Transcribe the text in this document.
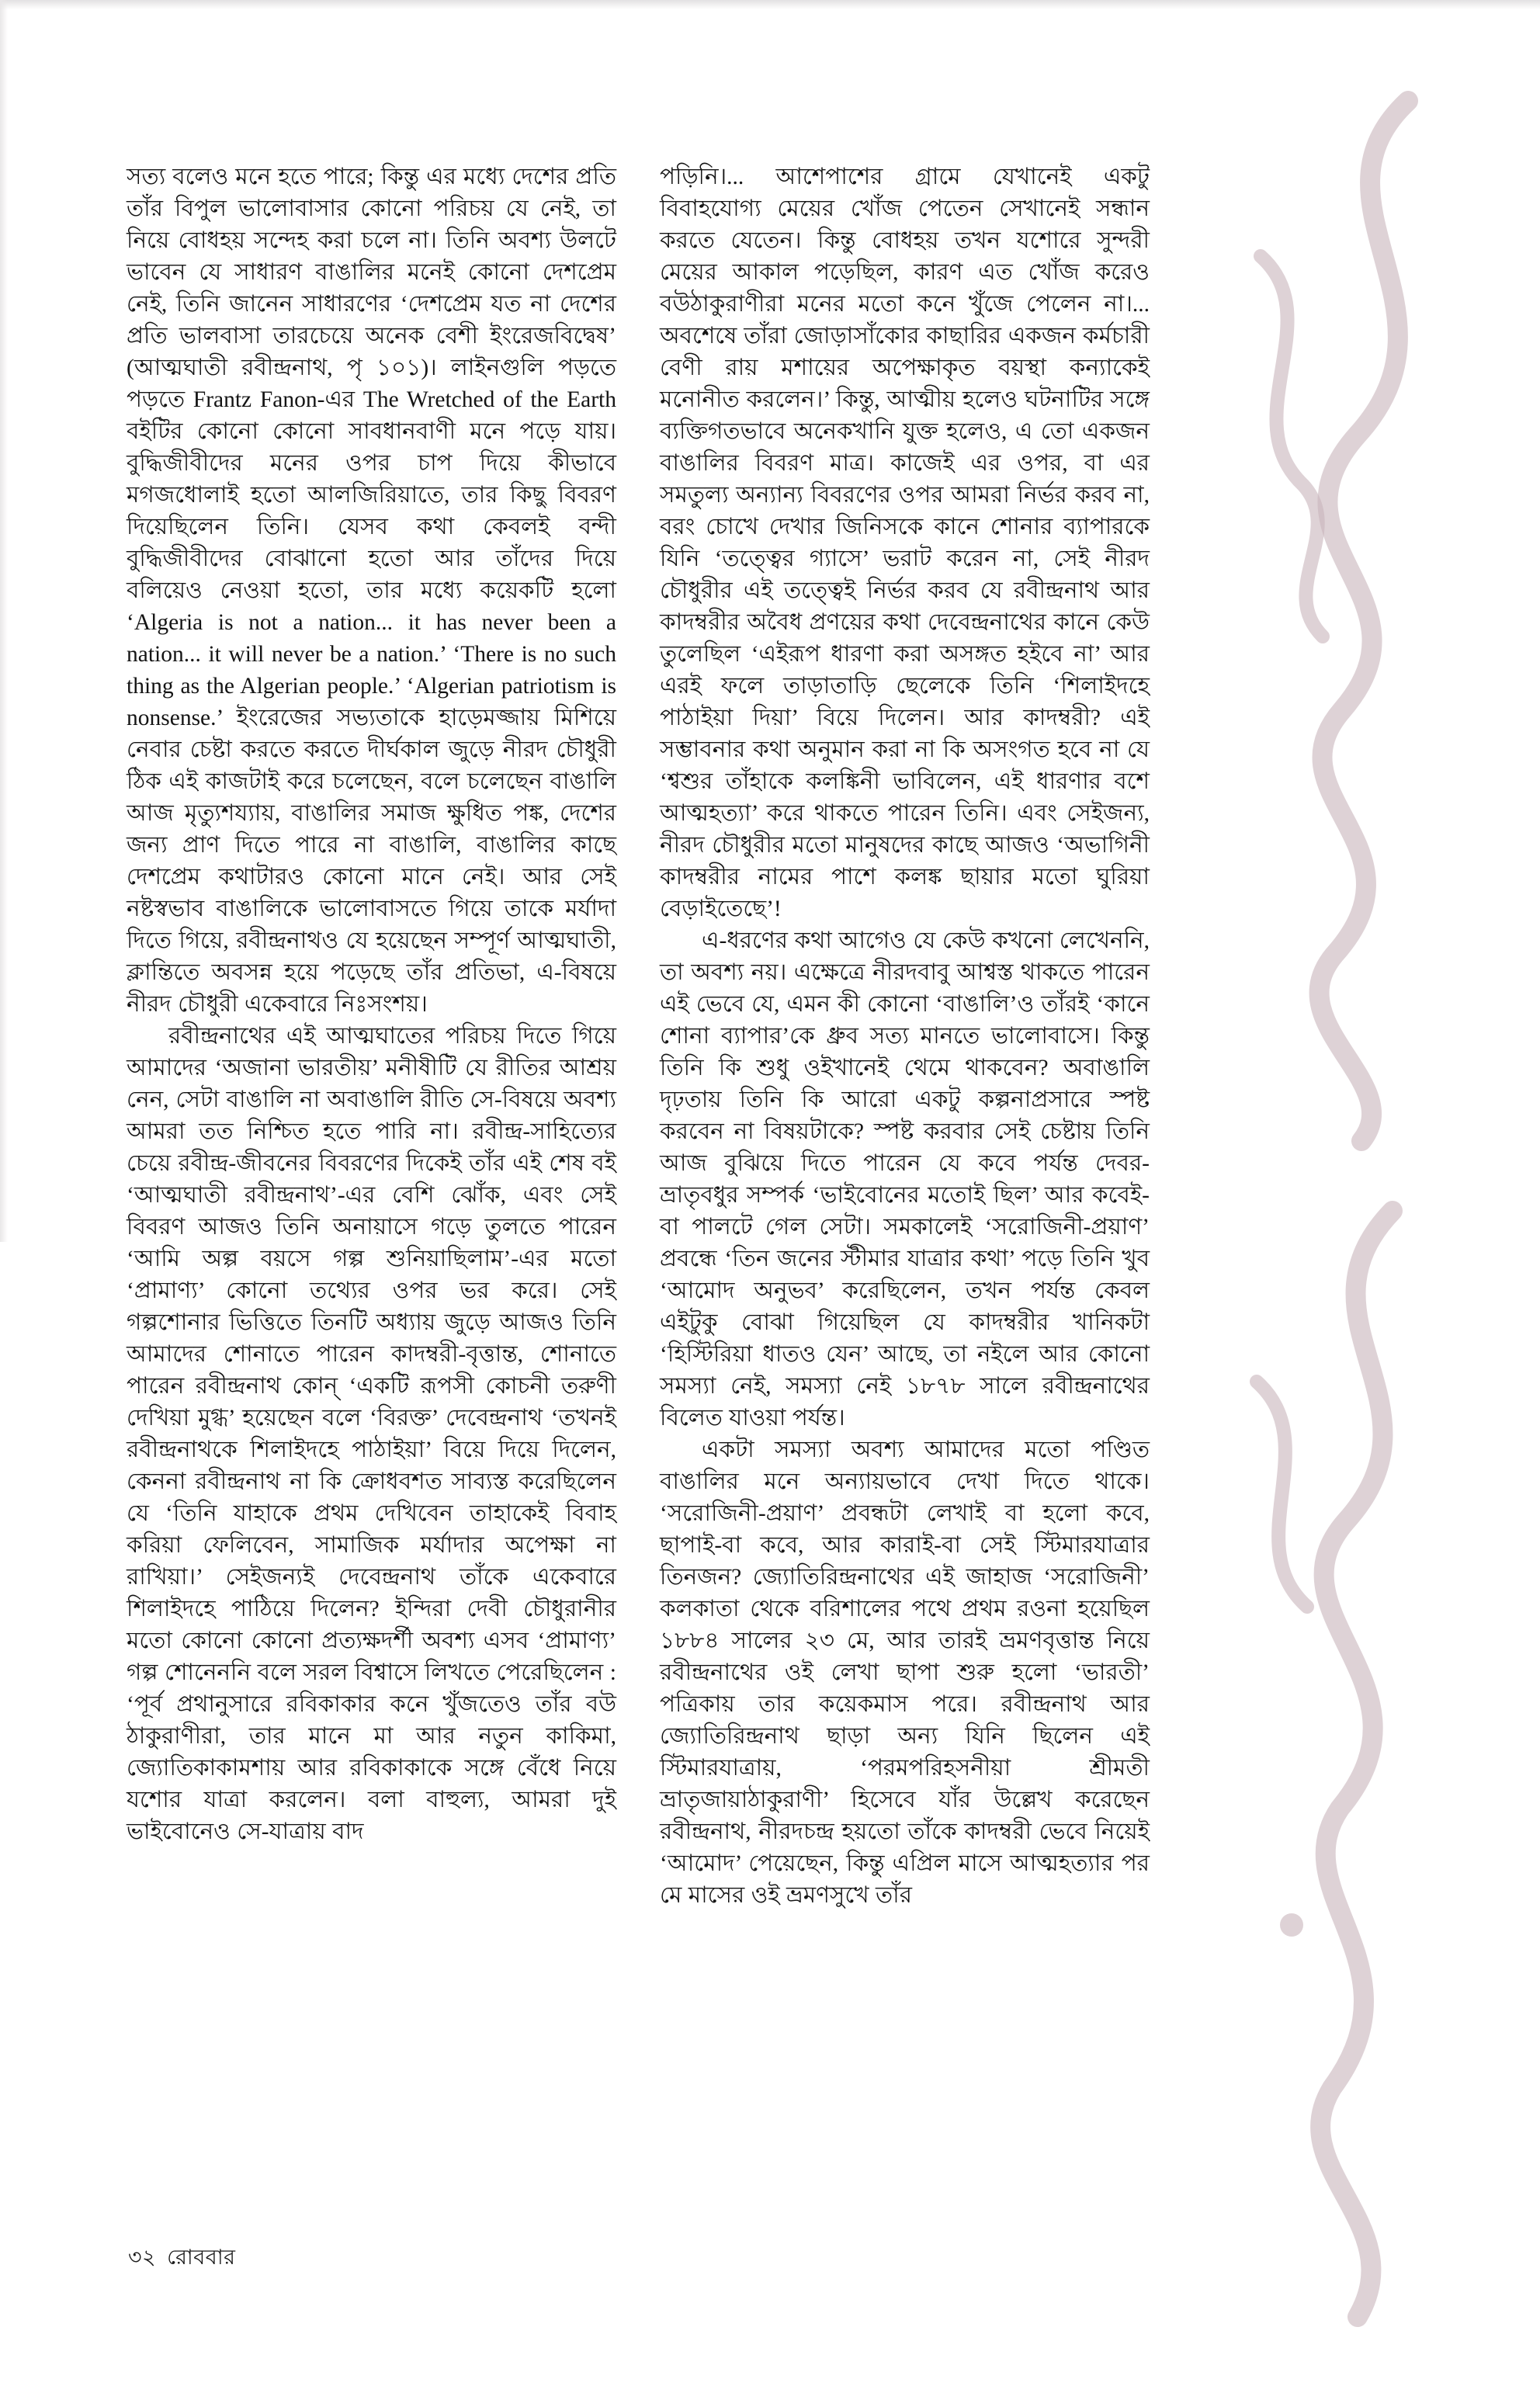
সত্য বলেও মনে হতে পারে; কিন্তু এর মধ্যে দেশের প্রতি তাঁর বিপুল ভালোবাসার কোনো পরিচয় যে নেই, তা নিয়ে বোধহয় সন্দেহ করা চলে না। তিনি অবশ্য উলটে ভাবেন যে সাধারণ বাঙালির মনেই কোনো দেশপ্রেম নেই, তিনি জানেন সাধারণের ‘দেশপ্রেম যত না দেশের প্রতি ভালবাসা তারচেয়ে অনেক বেশী ইংরেজবিদ্বেষ’ (আত্মঘাতী রবীন্দ্রনাথ, পৃ ১০১)। লাইনগুলি পড়তে পড়তে Frantz Fanon-এর The Wretched of the Earth বইটির কোনো কোনো সাবধানবাণী মনে পড়ে যায়। বুদ্ধিজীবীদের মনের ওপর চাপ দিয়ে কীভাবে মগজধোলাই হতো আলজিরিয়াতে, তার কিছু বিবরণ দিয়েছিলেন তিনি। যেসব কথা কেবলই বন্দী বুদ্ধিজীবীদের বোঝানো হতো আর তাঁদের দিয়ে বলিয়েও নেওয়া হতো, তার মধ্যে কয়েকটি হলো ‘Algeria is not a nation... it has never been a nation... it will never be a nation.’ ‘There is no such thing as the Algerian people.’ ‘Algerian patriotism is nonsense.’ ইংরেজের সভ্যতাকে হাড়েমজ্জায় মিশিয়ে নেবার চেষ্টা করতে করতে দীর্ঘকাল জুড়ে নীরদ চৌধুরী ঠিক এই কাজটাই করে চলেছেন, বলে চলেছেন বাঙালি আজ মৃত্যুশয্যায়, বাঙালির সমাজ ক্ষুধিত পঙ্ক, দেশের জন্য প্রাণ দিতে পারে না বাঙালি, বাঙালির কাছে দেশপ্রেম কথাটারও কোনো মানে নেই। আর সেই নষ্টস্বভাব বাঙালিকে ভালোবাসতে গিয়ে তাকে মর্যাদা দিতে গিয়ে, রবীন্দ্রনাথও যে হয়েছেন সম্পূর্ণ আত্মঘাতী, ক্লান্তিতে অবসন্ন হয়ে পড়েছে তাঁর প্রতিভা, এ-বিষয়ে নীরদ চৌধুরী একেবারে নিঃসংশয়।

রবীন্দ্রনাথের এই আত্মঘাতের পরিচয় দিতে গিয়ে আমাদের ‘অজানা ভারতীয়’ মনীষীটি যে রীতির আশ্রয় নেন, সেটা বাঙালি না অবাঙালি রীতি সে-বিষয়ে অবশ্য আমরা তত নিশ্চিত হতে পারি না। রবীন্দ্র-সাহিত্যের চেয়ে রবীন্দ্র-জীবনের বিবরণের দিকেই তাঁর এই শেষ বই ‘আত্মঘাতী রবীন্দ্রনাথ’-এর বেশি ঝোঁক, এবং সেই বিবরণ আজও তিনি অনায়াসে গড়ে তুলতে পারেন ‘আমি অল্প বয়সে গল্প শুনিয়াছিলাম’-এর মতো ‘প্রামাণ্য’ কোনো তথ্যের ওপর ভর করে। সেই গল্পশোনার ভিত্তিতে তিনটি অধ্যায় জুড়ে আজও তিনি আমাদের শোনাতে পারেন কাদম্বরী-বৃত্তান্ত, শোনাতে পারেন রবীন্দ্রনাথ কোন্‌ ‘একটি রূপসী কোচনী তরুণী দেখিয়া মুগ্ধ’ হয়েছেন বলে ‘বিরক্ত’ দেবেন্দ্রনাথ ‘তখনই রবীন্দ্রনাথকে শিলাইদহে পাঠাইয়া’ বিয়ে দিয়ে দিলেন, কেননা রবীন্দ্রনাথ না কি ক্রোধবশত সাব্যস্ত করেছিলেন যে ‘তিনি যাহাকে প্রথম দেখিবেন তাহাকেই বিবাহ করিয়া ফেলিবেন, সামাজিক মর্যাদার অপেক্ষা না রাখিয়া।’ সেইজন্যই দেবেন্দ্রনাথ তাঁকে একেবারে শিলাইদহে পাঠিয়ে দিলেন? ইন্দিরা দেবী চৌধুরানীর মতো কোনো কোনো প্রত্যক্ষদর্শী অবশ্য এসব ‘প্রামাণ্য’ গল্প শোনেননি বলে সরল বিশ্বাসে লিখতে পেরেছিলেন : ‘পূর্ব প্রথানুসারে রবিকাকার কনে খুঁজতেও তাঁর বউ ঠাকুরাণীরা, তার মানে মা আর নতুন কাকিমা, জ্যোতিকাকামশায় আর রবিকাকাকে সঙ্গে বেঁধে নিয়ে যশোর যাত্রা করলেন। বলা বাহুল্য, আমরা দুই ভাইবোনেও সে-যাত্রায় বাদ

পড়িনি।... আশেপাশের গ্রামে যেখানেই একটু বিবাহযোগ্য মেয়ের খোঁজ পেতেন সেখানেই সন্ধান করতে যেতেন। কিন্তু বোধহয় তখন যশোরে সুন্দরী মেয়ের আকাল পড়েছিল, কারণ এত খোঁজ করেও বউঠাকুরাণীরা মনের মতো কনে খুঁজে পেলেন না।... অবশেষে তাঁরা জোড়াসাঁকোর কাছারির একজন কর্মচারী বেণী রায় মশায়ের অপেক্ষাকৃত বয়স্থা কন্যাকেই মনোনীত করলেন।’ কিন্তু, আত্মীয় হলেও ঘটনাটির সঙ্গে ব্যক্তিগতভাবে অনেকখানি যুক্ত হলেও, এ তো একজন বাঙালির বিবরণ মাত্র। কাজেই এর ওপর, বা এর সমতুল্য অন্যান্য বিবরণের ওপর আমরা নির্ভর করব না, বরং চোখে দেখার জিনিসকে কানে শোনার ব্যাপারকে যিনি ‘তত্ত্বের গ্যাসে’ ভরাট করেন না, সেই নীরদ চৌধুরীর এই তত্ত্বেই নির্ভর করব যে রবীন্দ্রনাথ আর কাদম্বরীর অবৈধ প্রণয়ের কথা দেবেন্দ্রনাথের কানে কেউ তুলেছিল ‘এইরূপ ধারণা করা অসঙ্গত হইবে না’ আর এরই ফলে তাড়াতাড়ি ছেলেকে তিনি ‘শিলাইদহে পাঠাইয়া দিয়া’ বিয়ে দিলেন। আর কাদম্বরী? এই সম্ভাবনার কথা অনুমান করা না কি অসংগত হবে না যে ‘শ্বশুর তাঁহাকে কলঙ্কিনী ভাবিলেন, এই ধারণার বশে আত্মহত্যা’ করে থাকতে পারেন তিনি। এবং সেইজন্য, নীরদ চৌধুরীর মতো মানুষদের কাছে আজও ‘অভাগিনী কাদম্বরীর নামের পাশে কলঙ্ক ছায়ার মতো ঘুরিয়া বেড়াইতেছে’!

এ-ধরণের কথা আগেও যে কেউ কখনো লেখেননি, তা অবশ্য নয়। এক্ষেত্রে নীরদবাবু আশ্বস্ত থাকতে পারেন এই ভেবে যে, এমন কী কোনো ‘বাঙালি’ও তাঁরই ‘কানে শোনা ব্যাপার’কে ধ্রুব সত্য মানতে ভালোবাসে। কিন্তু তিনি কি শুধু ওইখানেই থেমে থাকবেন? অবাঙালি দৃঢ়তায় তিনি কি আরো একটু কল্পনাপ্রসারে স্পষ্ট করবেন না বিষয়টাকে? স্পষ্ট করবার সেই চেষ্টায় তিনি আজ বুঝিয়ে দিতে পারেন যে কবে পর্যন্ত দেবর-ভ্রাতৃবধুর সম্পর্ক ‘ভাইবোনের মতোই ছিল’ আর কবেই-বা পালটে গেল সেটা। সমকালেই ‘সরোজিনী-প্রয়াণ’ প্রবন্ধে ‘তিন জনের স্টীমার যাত্রার কথা’ পড়ে তিনি খুব ‘আমোদ অনুভব’ করেছিলেন, তখন পর্যন্ত কেবল এইটুকু বোঝা গিয়েছিল যে কাদম্বরীর খানিকটা ‘হিস্টিরিয়া ধাতও যেন’ আছে, তা নইলে আর কোনো সমস্যা নেই, সমস্যা নেই ১৮৭৮ সালে রবীন্দ্রনাথের বিলেত যাওয়া পর্যন্ত।

একটা সমস্যা অবশ্য আমাদের মতো পণ্ডিত বাঙালির মনে অন্যায়ভাবে দেখা দিতে থাকে। ‘সরোজিনী-প্রয়াণ’ প্রবন্ধটা লেখাই বা হলো কবে, ছাপাই-বা কবে, আর কারাই-বা সেই স্টিমারযাত্রার তিনজন? জ্যোতিরিন্দ্রনাথের এই জাহাজ ‘সরোজিনী’ কলকাতা থেকে বরিশালের পথে প্রথম রওনা হয়েছিল ১৮৮৪ সালের ২৩ মে, আর তারই ভ্রমণবৃত্তান্ত নিয়ে রবীন্দ্রনাথের ওই লেখা ছাপা শুরু হলো ‘ভারতী’ পত্রিকায় তার কয়েকমাস পরে। রবীন্দ্রনাথ আর জ্যোতিরিন্দ্রনাথ ছাড়া অন্য যিনি ছিলেন এই স্টিমারযাত্রায়, ‘পরমপরিহসনীয়া শ্রীমতী ভ্রাতৃজায়াঠাকুরাণী’ হিসেবে যাঁর উল্লেখ করেছেন রবীন্দ্রনাথ, নীরদচন্দ্র হয়তো তাঁকে কাদম্বরী ভেবে নিয়েই ‘আমোদ’ পেয়েছেন, কিন্তু এপ্রিল মাসে আত্মহত্যার পর মে মাসের ওই ভ্রমণসুখে তাঁর

৩২ রোববার
